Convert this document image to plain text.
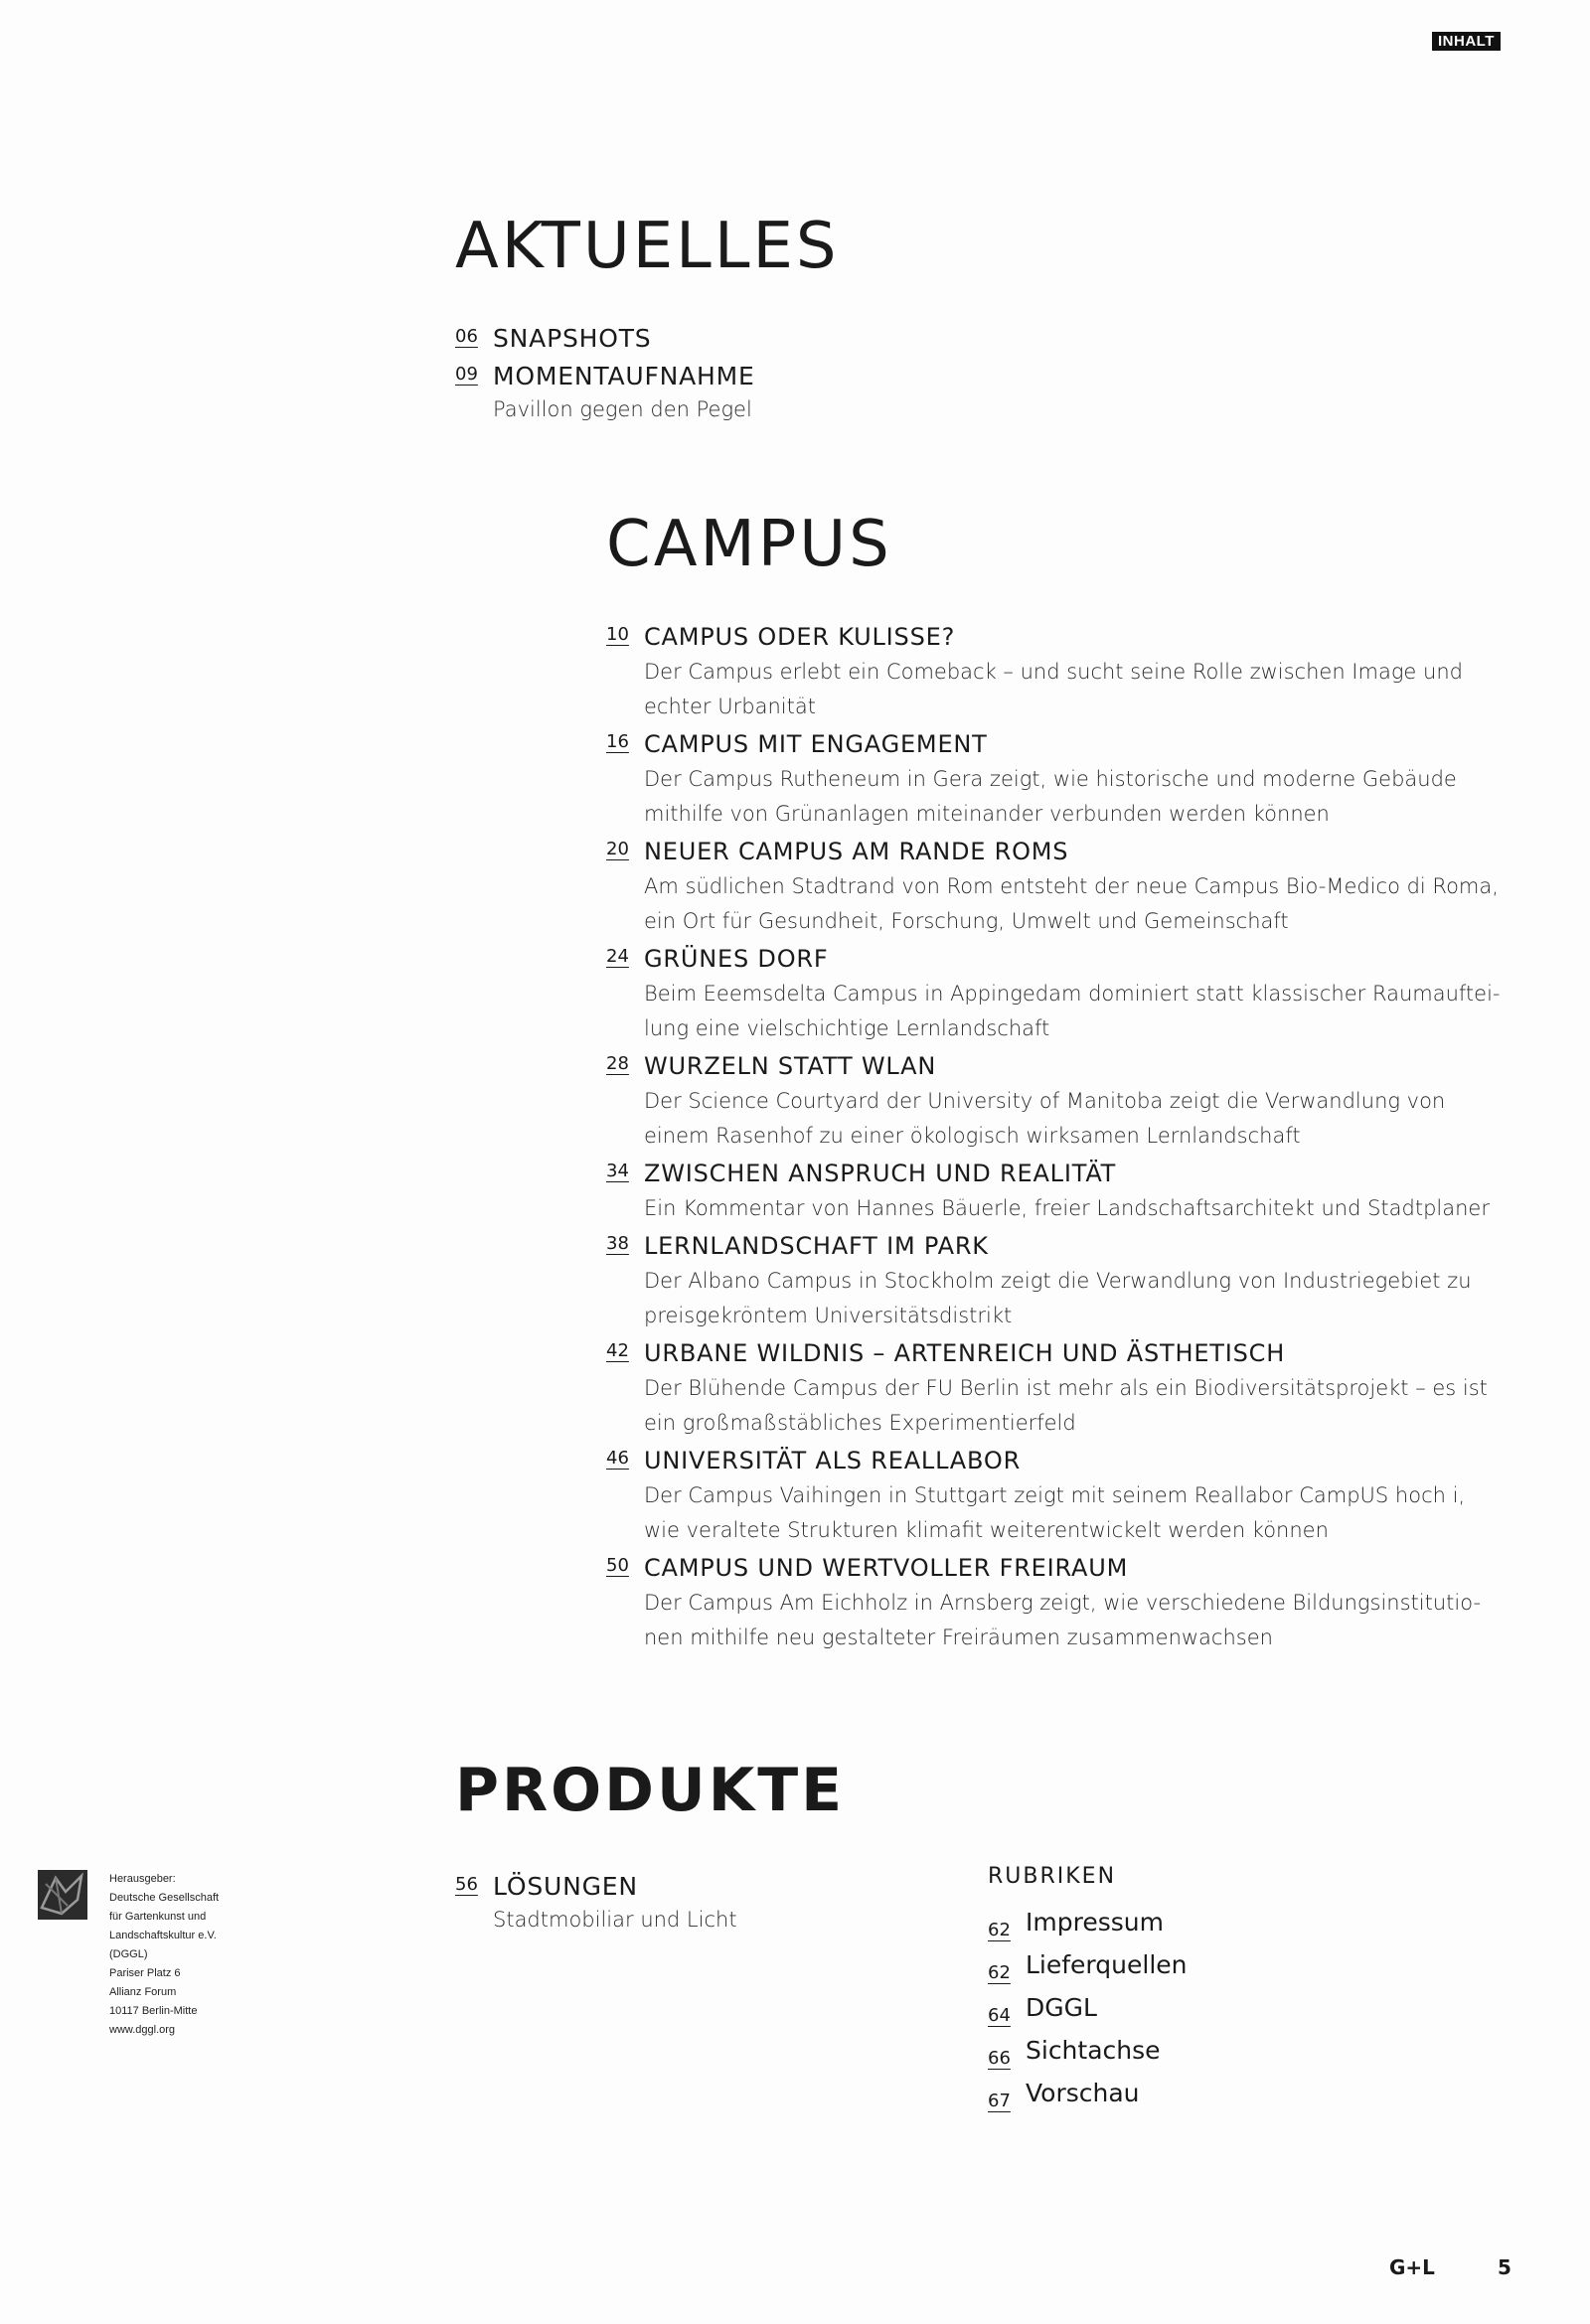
INHALT
AKTUELLES
06 SNAPSHOTS
09 MOMENTAUFNAHME
Pavillon gegen den Pegel
CAMPUS
10 CAMPUS ODER KULISSE?
Der Campus erlebt ein Comeback – und sucht seine Rolle zwischen Image und
echter Urbanität
16 CAMPUS MIT ENGAGEMENT
Der Campus Rutheneum in Gera zeigt, wie historische und moderne Gebäude
mithilfe von Grünanlagen miteinander verbunden werden können
20 NEUER CAMPUS AM RANDE ROMS
Am südlichen Stadtrand von Rom entsteht der neue Campus Bio-Medico di Roma,
ein Ort für Gesundheit, Forschung, Umwelt und Gemeinschaft
24 GRÜNES DORF
Beim Eeemsdelta Campus in Appingedam dominiert statt klassischer Raumauftei-
lung eine vielschichtige Lernlandschaft
28 WURZELN STATT WLAN
Der Science Courtyard der University of Manitoba zeigt die Verwandlung von
einem Rasenhof zu einer ökologisch wirksamen Lernlandschaft
34 ZWISCHEN ANSPRUCH UND REALITÄT
Ein Kommentar von Hannes Bäuerle, freier Landschaftsarchitekt und Stadtplaner
38 LERNLANDSCHAFT IM PARK
Der Albano Campus in Stockholm zeigt die Verwandlung von Industriegebiet zu
preisgekröntem Universitätsdistrikt
42 URBANE WILDNIS – ARTENREICH UND ÄSTHETISCH
Der Blühende Campus der FU Berlin ist mehr als ein Biodiversitätsprojekt – es ist
ein großmaßstäbliches Experimentierfeld
46 UNIVERSITÄT ALS REALLABOR
Der Campus Vaihingen in Stuttgart zeigt mit seinem Reallabor CampUS hoch i,
wie veraltete Strukturen klimafit weiterentwickelt werden können
50 CAMPUS UND WERTVOLLER FREIRAUM
Der Campus Am Eichholz in Arnsberg zeigt, wie verschiedene Bildungsinstitutio-
nen mithilfe neu gestalteter Freiräumen zusammenwachsen
PRODUKTE
56 LÖSUNGEN
Stadtmobiliar und Licht
RUBRIKEN
62 Impressum
62 Lieferquellen
64 DGGL
66 Sichtachse
67 Vorschau
Herausgeber:
Deutsche Gesellschaft
für Gartenkunst und
Landschaftskultur e.V.
(DGGL)
Pariser Platz 6
Allianz Forum
10117 Berlin-Mitte
www.dggl.org
G+L	5
